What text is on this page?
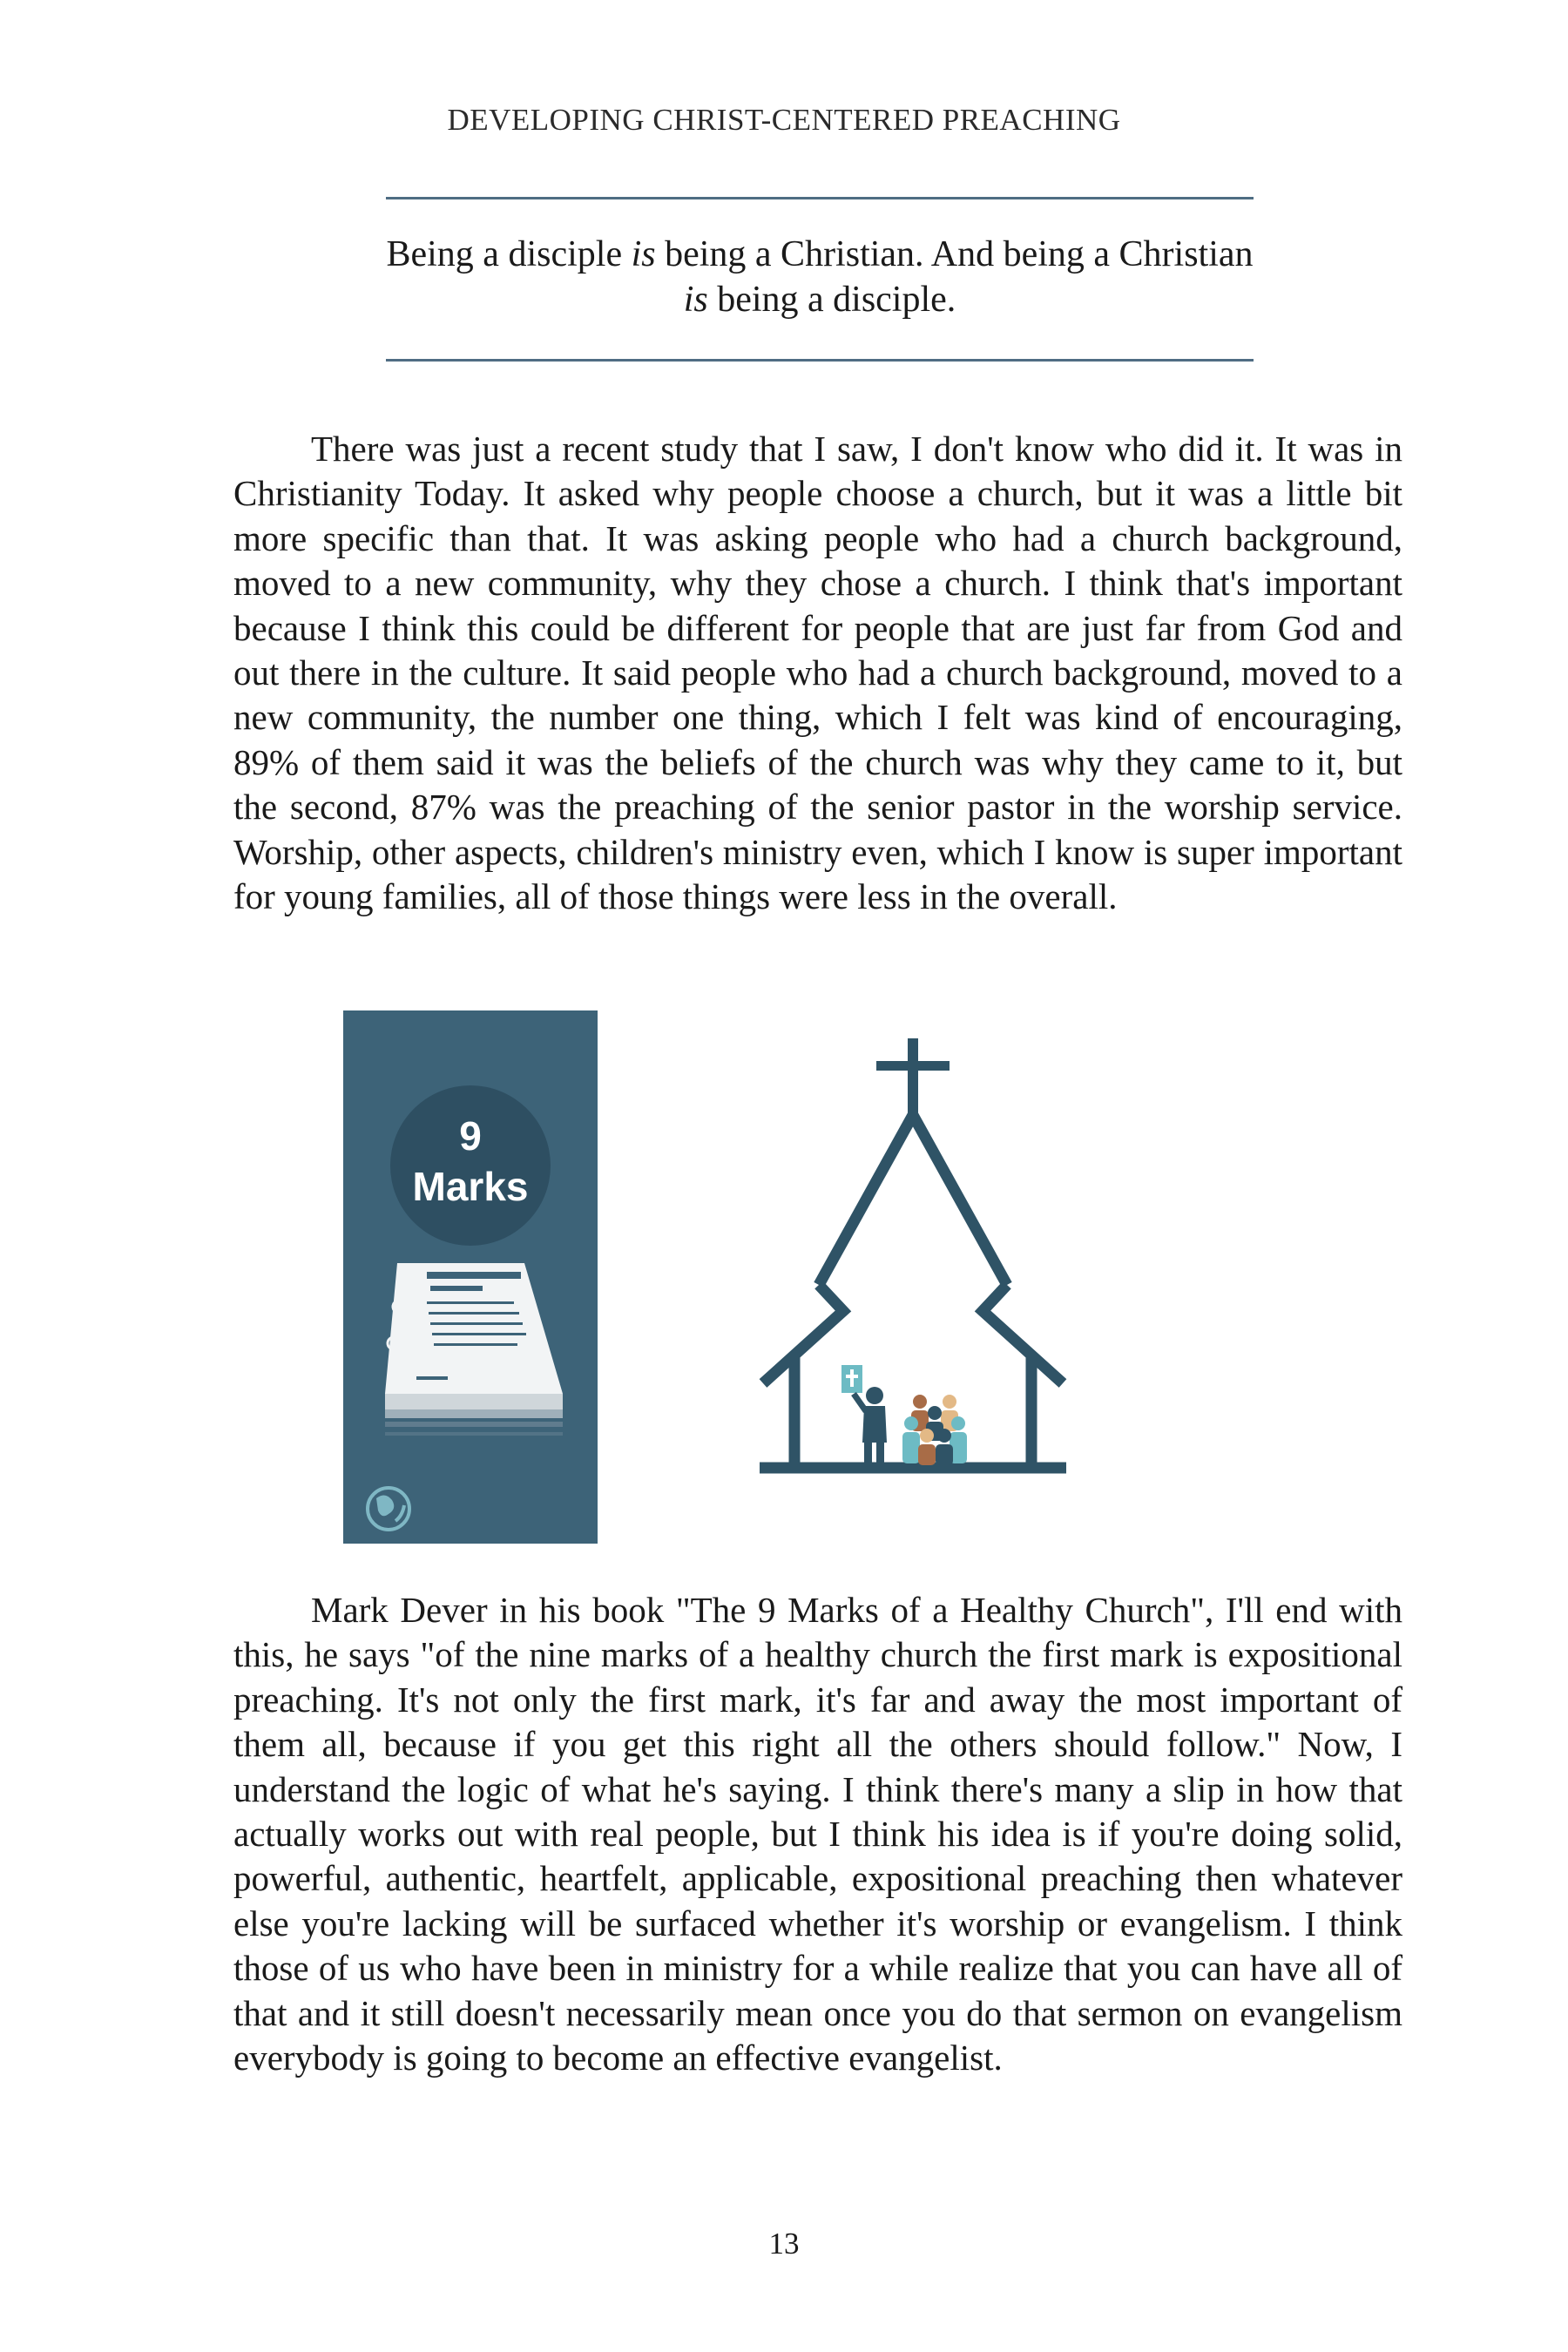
DEVELOPING CHRIST-CENTERED PREACHING
Being a disciple is being a Christian. And being a Christian is being a disciple.

There was just a recent study that I saw, I don't know who did it. It was in Christianity Today. It asked why people choose a church, but it was a little bit more specific than that. It was asking people who had a church background, moved to a new community, why they chose a church. I think that's important because I think this could be different for people that are just far from God and out there in the culture. It said people who had a church background, moved to a new community, the number one thing, which I felt was kind of encouraging, 89% of them said it was the beliefs of the church was why they came to it, but the second, 87% was the preaching of the senior pastor in the worship service. Worship, other aspects, children's ministry even, which I know is super important for young families, all of those things were less in the overall.

9
Marks

Mark Dever in his book "The 9 Marks of a Healthy Church", I'll end with this, he says "of the nine marks of a healthy church the first mark is expositional preaching. It's not only the first mark, it's far and away the most important of them all, because if you get this right all the others should follow." Now, I understand the logic of what he's saying. I think there's many a slip in how that actually works out with real people, but I think his idea is if you're doing solid, powerful, authentic, heartfelt, applicable, expositional preaching then whatever else you're lacking will be surfaced whether it's worship or evangelism. I think those of us who have been in ministry for a while realize that you can have all of that and it still doesn't necessarily mean once you do that sermon on evangelism everybody is going to become an effective evangelist.

13
